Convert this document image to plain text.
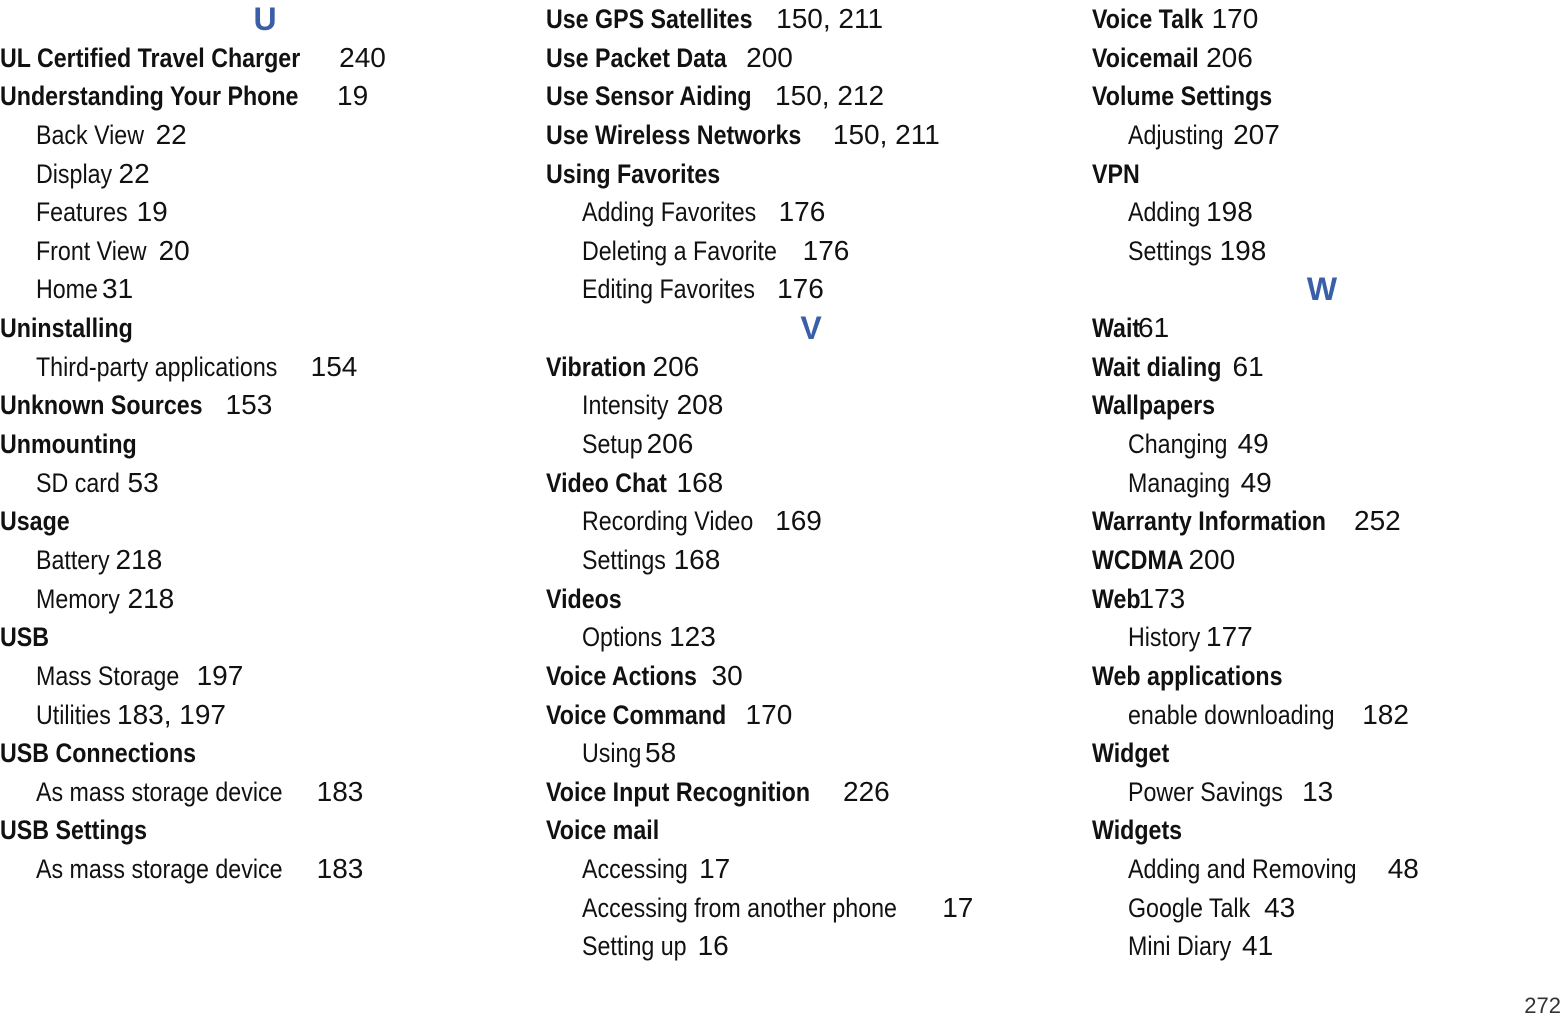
U
UL Certified Travel Charger 240
Understanding Your Phone 19
Back View 22
Display 22
Features 19
Front View 20
Home 31
Uninstalling
Third-party applications 154
Unknown Sources 153
Unmounting
SD card 53
Usage
Battery 218
Memory 218
USB
Mass Storage 197
Utilities 183, 197
USB Connections
As mass storage device 183
USB Settings
As mass storage device 183
Use GPS Satellites 150, 211
Use Packet Data 200
Use Sensor Aiding 150, 212
Use Wireless Networks 150, 211
Using Favorites
Adding Favorites 176
Deleting a Favorite 176
Editing Favorites 176
V
Vibration 206
Intensity 208
Setup 206
Video Chat 168
Recording Video 169
Settings 168
Videos
Options 123
Voice Actions 30
Voice Command 170
Using 58
Voice Input Recognition 226
Voice mail
Accessing 17
Accessing from another phone 17
Setting up 16
Voice Talk 170
Voicemail 206
Volume Settings
Adjusting 207
VPN
Adding 198
Settings 198
W
Wait61
Wait dialing 61
Wallpapers
Changing 49
Managing 49
Warranty Information 252
WCDMA 200
Web173
History 177
Web applications
enable downloading 182
Widget
Power Savings 13
Widgets
Adding and Removing 48
Google Talk 43
Mini Diary 41
272
